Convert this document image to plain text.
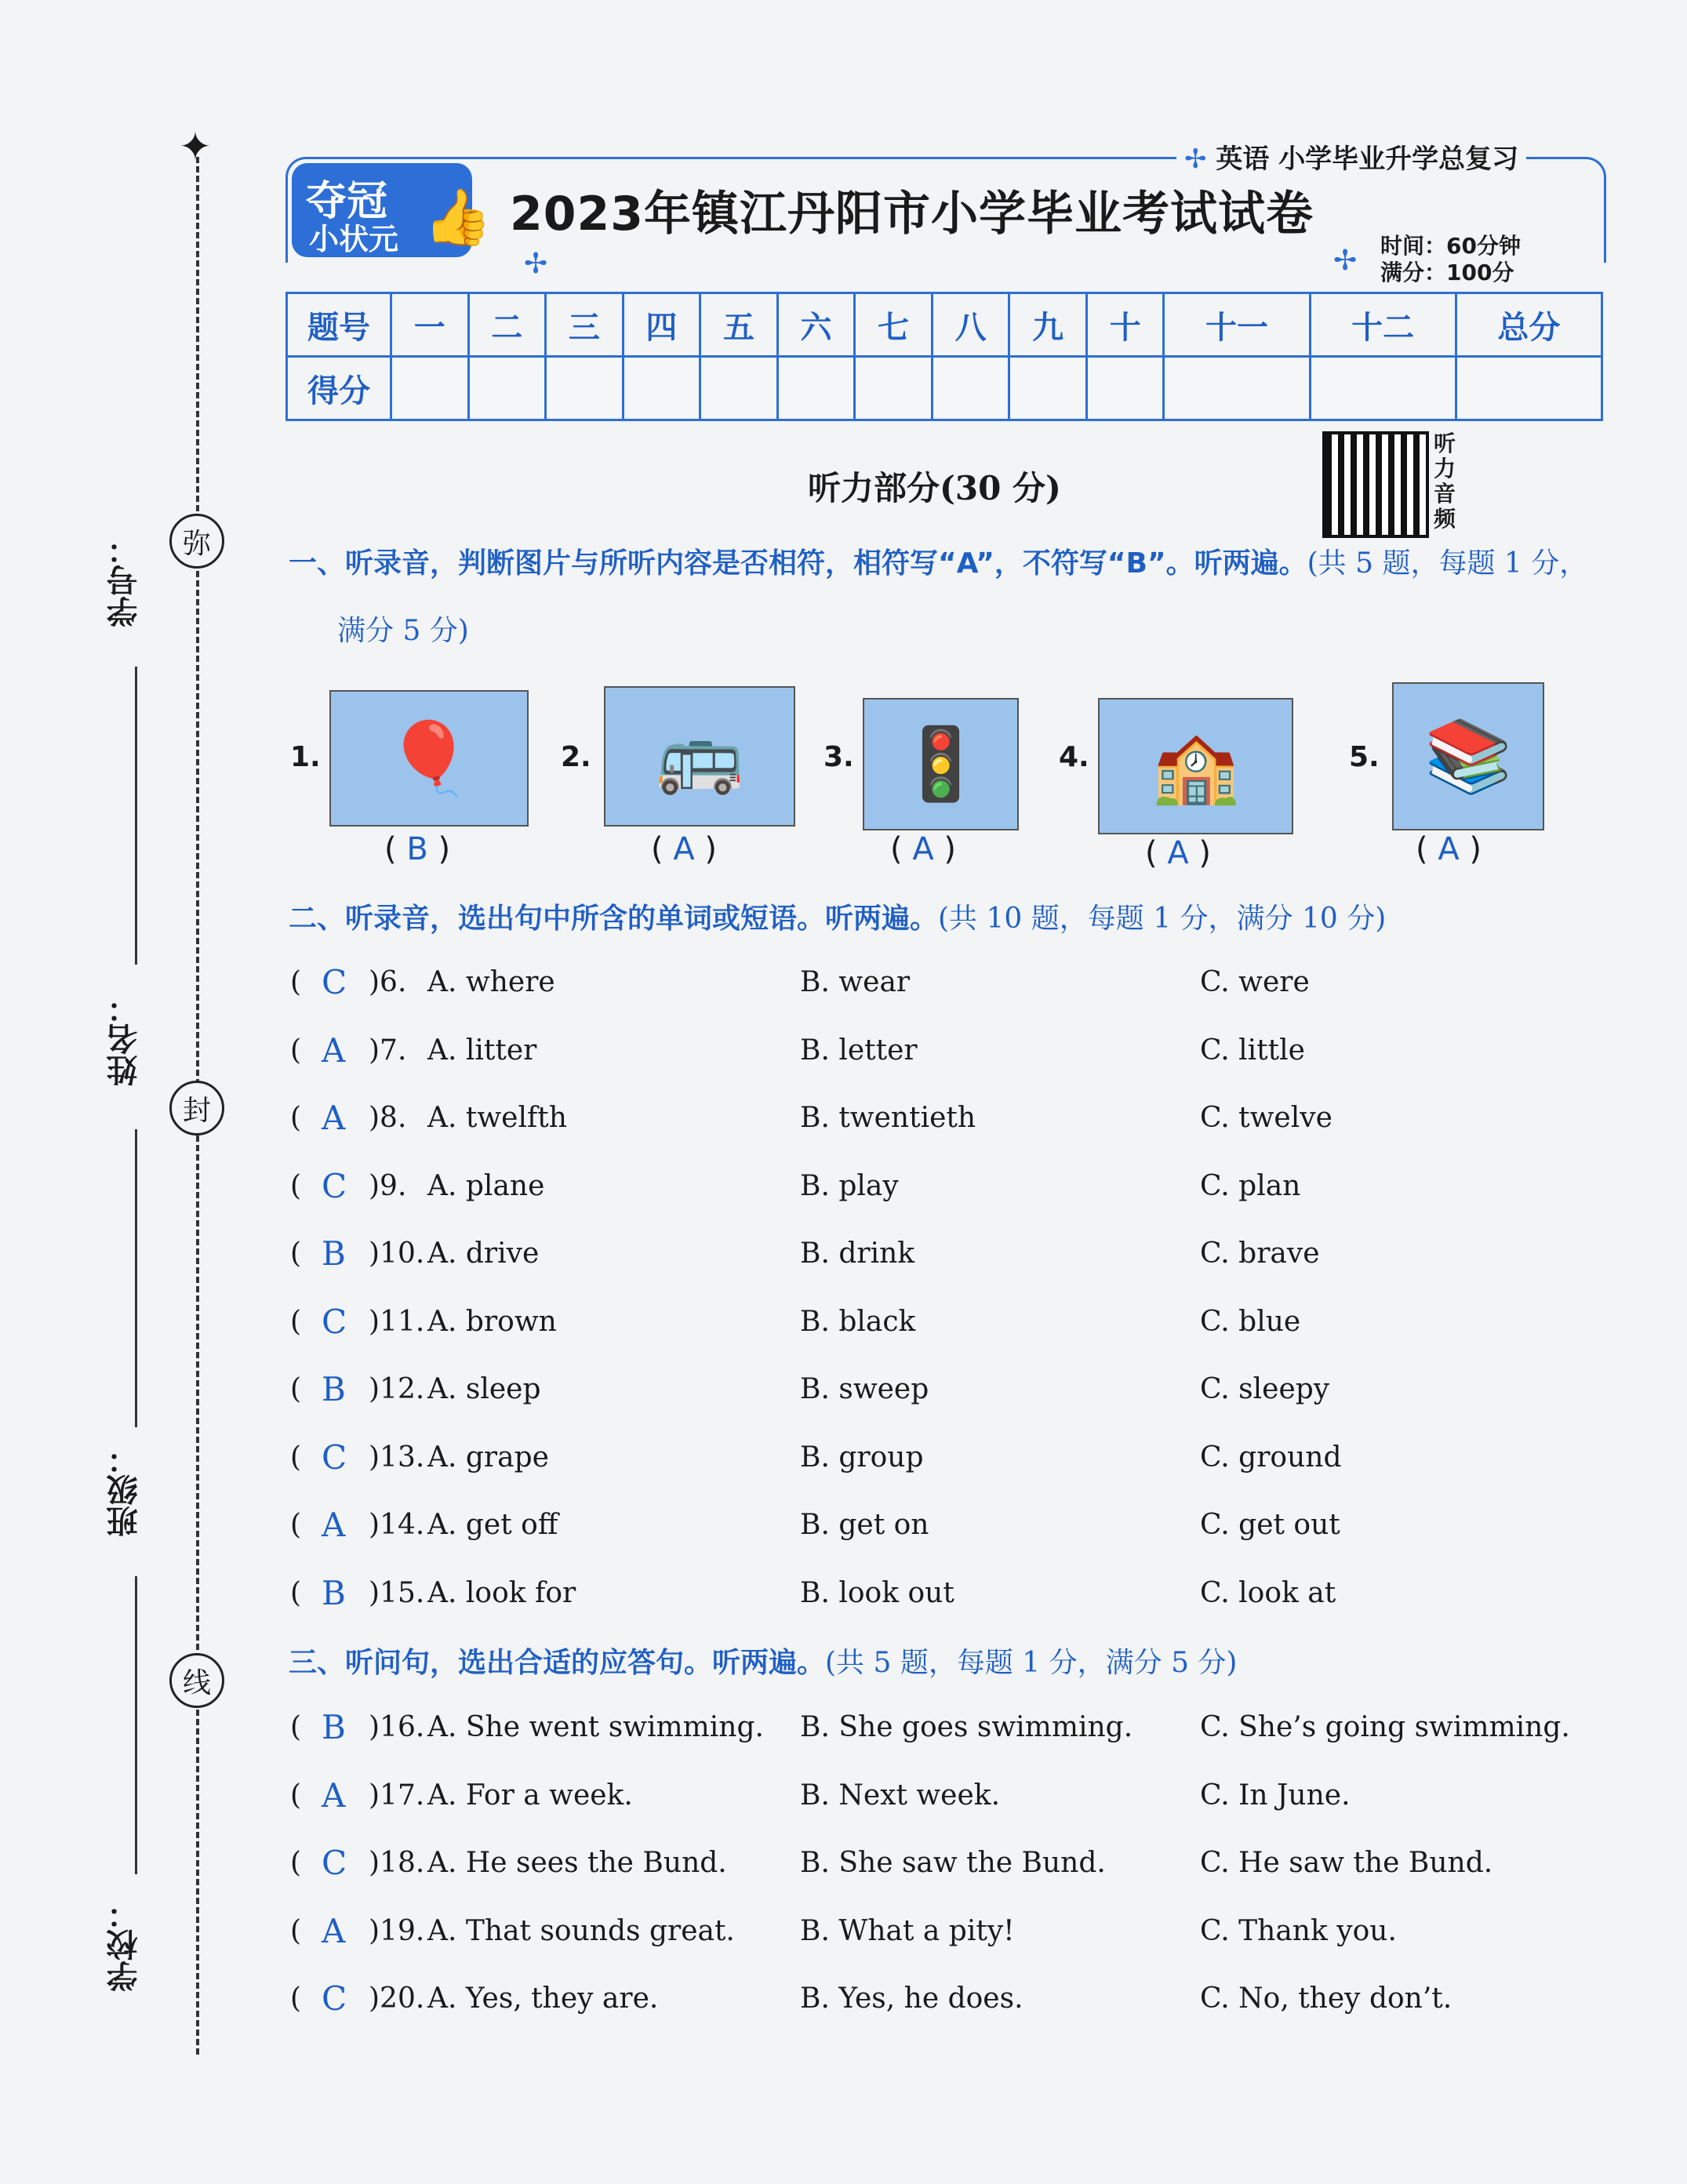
✦
弥
封
线
学号：
姓名：
班级：
学校：
✢ 英语 小学毕业升学总复习
夺冠
小状元 👍 2023年镇江丹阳市小学毕业考试试卷
✢	✢ 时间：60分钟
满分：100分
题号	一	二	三	四	五	六	七	八	九	十	十一	十二	总分
得分													
听力音频
听力部分(30 分)
一、听录音，判断图片与所听内容是否相符，相符写“A”，不符写“B”。听两遍。(共 5 题，每题 1 分，
满分 5 分)
1. 🎈
( B )
2. 🚌
( A )
3. 🚦
( A )
4. 🏫
( A )
5. 📚
( A )
二、听录音，选出句中所含的单词或短语。听两遍。(共 10 题，每题 1 分，满分 10 分)
( C )6. A. where	B. wear	C. were
( A )7. A. litter	B. letter	C. little
( A )8. A. twelfth	B. twentieth	C. twelve
( C )9. A. plane	B. play	C. plan
( B )10. A. drive	B. drink	C. brave
( C )11. A. brown	B. black	C. blue
( B )12. A. sleep	B. sweep	C. sleepy
( C )13. A. grape	B. group	C. ground
( A )14. A. get off	B. get on	C. get out
( B )15. A. look for	B. look out	C. look at
三、听问句，选出合适的应答句。听两遍。(共 5 题，每题 1 分，满分 5 分)
( B )16. A. She went swimming. B. She goes swimming. C. She’s going swimming.
( A )17. A. For a week.	B. Next week.	C. In June.
( C )18. A. He sees the Bund.	B. She saw the Bund.	C. He saw the Bund.
( A )19. A. That sounds great. B. What a pity!	C. Thank you.
( C )20. A. Yes, they are.	B. Yes, he does.	C. No, they don’t.
